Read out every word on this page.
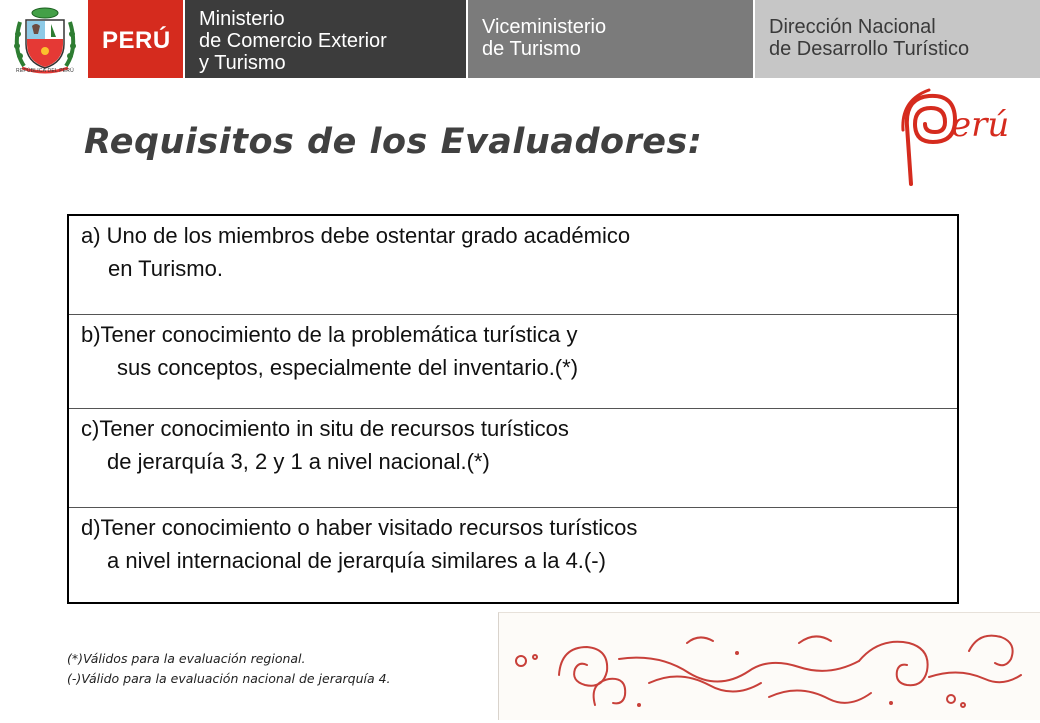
REPÚBLICA DEL PERÚ
PERÚ
Ministerio
de Comercio Exterior
y Turismo
Viceministerio
de Turismo
Dirección Nacional
de Desarrollo Turístico
Requisitos de los Evaluadores:	erú
a) Uno de los miembros debe ostentar grado académico
en Turismo.
b)Tener conocimiento de la problemática turística y
sus conceptos, especialmente del inventario.(*)
c)Tener conocimiento in situ de recursos turísticos
de jerarquía 3, 2 y 1 a nivel nacional.(*)
d)Tener conocimiento o haber visitado recursos turísticos
a nivel internacional de jerarquía similares a la 4.(-)
(*)Válidos para la evaluación regional.
(-)Válido para la evaluación nacional de jerarquía 4.
